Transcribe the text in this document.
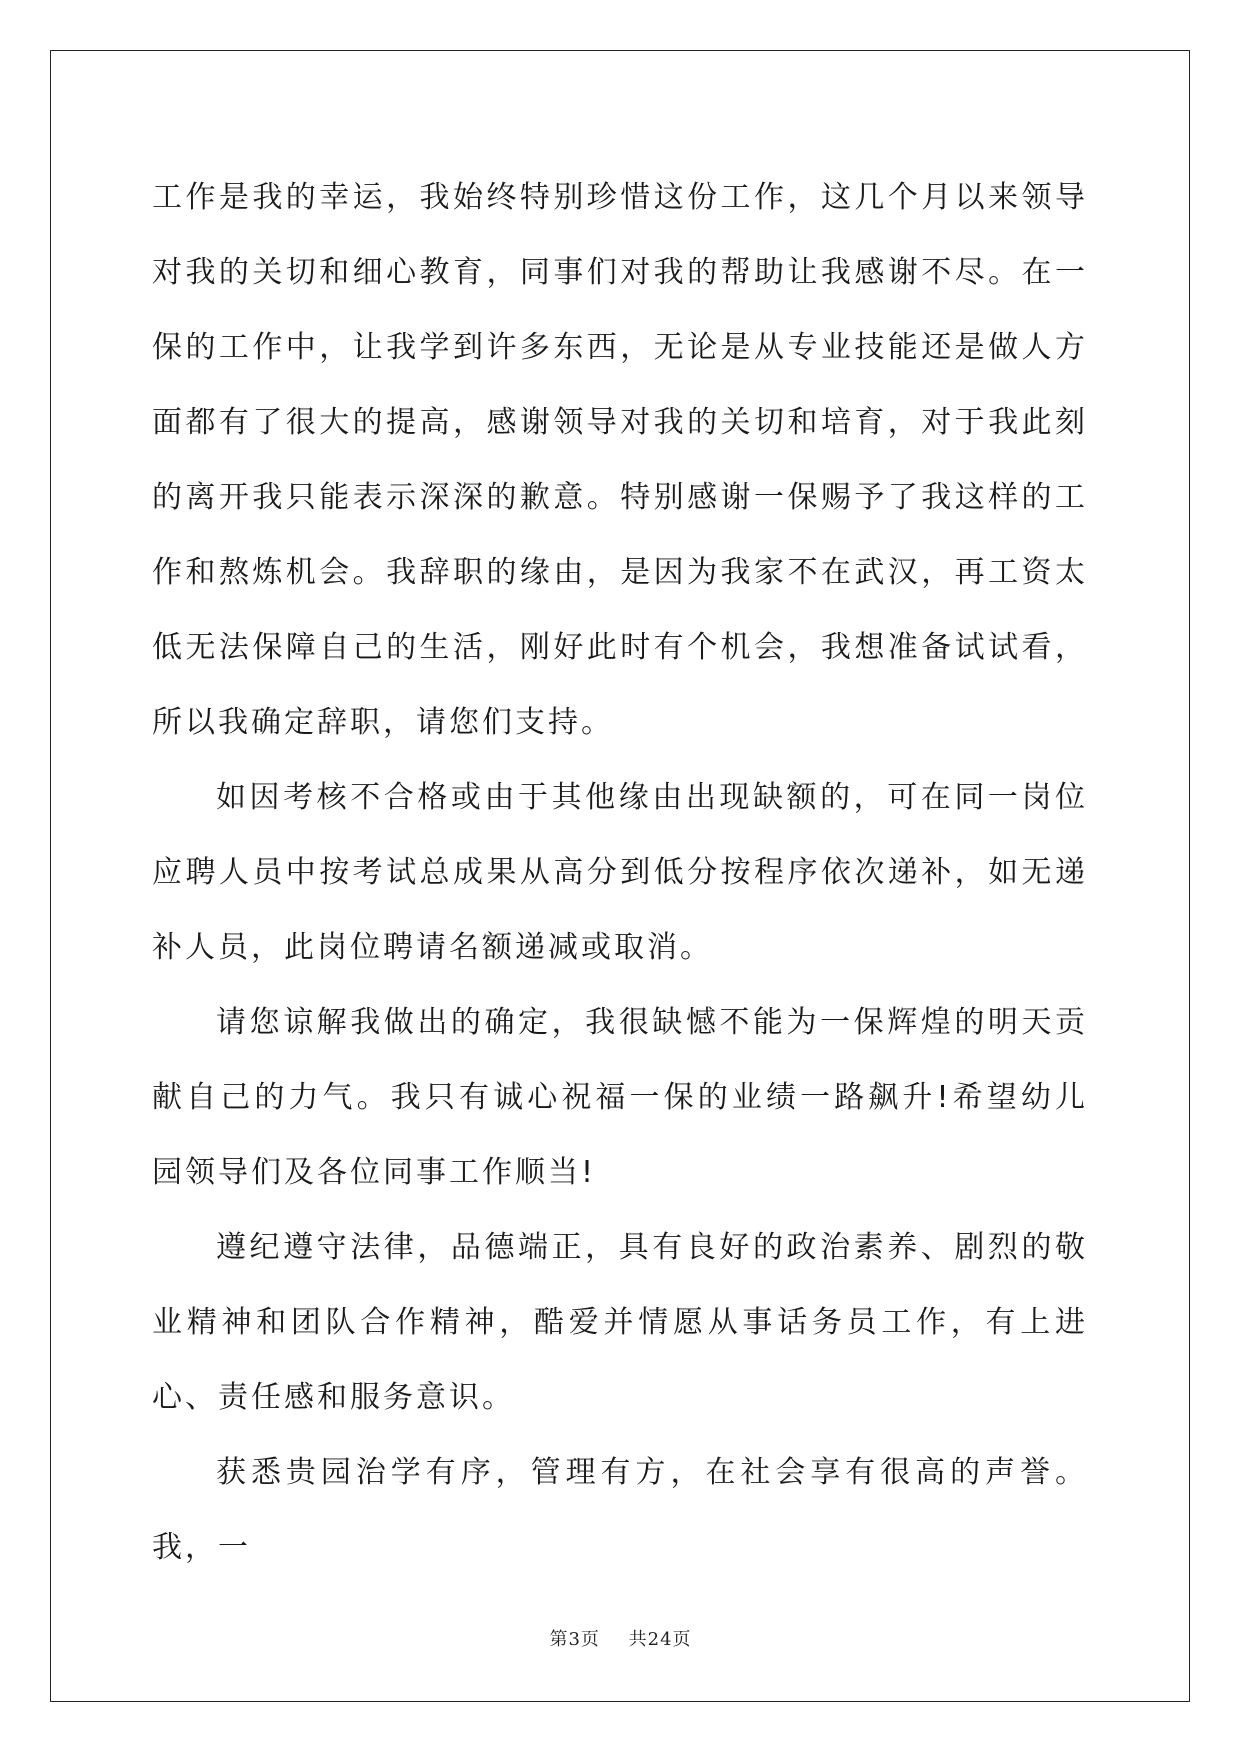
工作是我的幸运，我始终特别珍惜这份工作，这几个月以来领导对我的关切和细心教育，同事们对我的帮助让我感谢不尽。在一保的工作中，让我学到许多东西，无论是从专业技能还是做人方面都有了很大的提高，感谢领导对我的关切和培育，对于我此刻的离开我只能表示深深的歉意。特别感谢一保赐予了我这样的工作和熬炼机会。我辞职的缘由，是因为我家不在武汉，再工资太低无法保障自己的生活，刚好此时有个机会，我想准备试试看，所以我确定辞职，请您们支持。

如因考核不合格或由于其他缘由出现缺额的，可在同一岗位应聘人员中按考试总成果从高分到低分按程序依次递补，如无递补人员，此岗位聘请名额递减或取消。

请您谅解我做出的确定，我很缺憾不能为一保辉煌的明天贡献自己的力气。我只有诚心祝福一保的业绩一路飙升!希望幼儿园领导们及各位同事工作顺当!

遵纪遵守法律，品德端正，具有良好的政治素养、剧烈的敬业精神和团队合作精神，酷爱并情愿从事话务员工作，有上进心、责任感和服务意识。

获悉贵园治学有序，管理有方，在社会享有很高的声誉。我，一

第3页 共24页
